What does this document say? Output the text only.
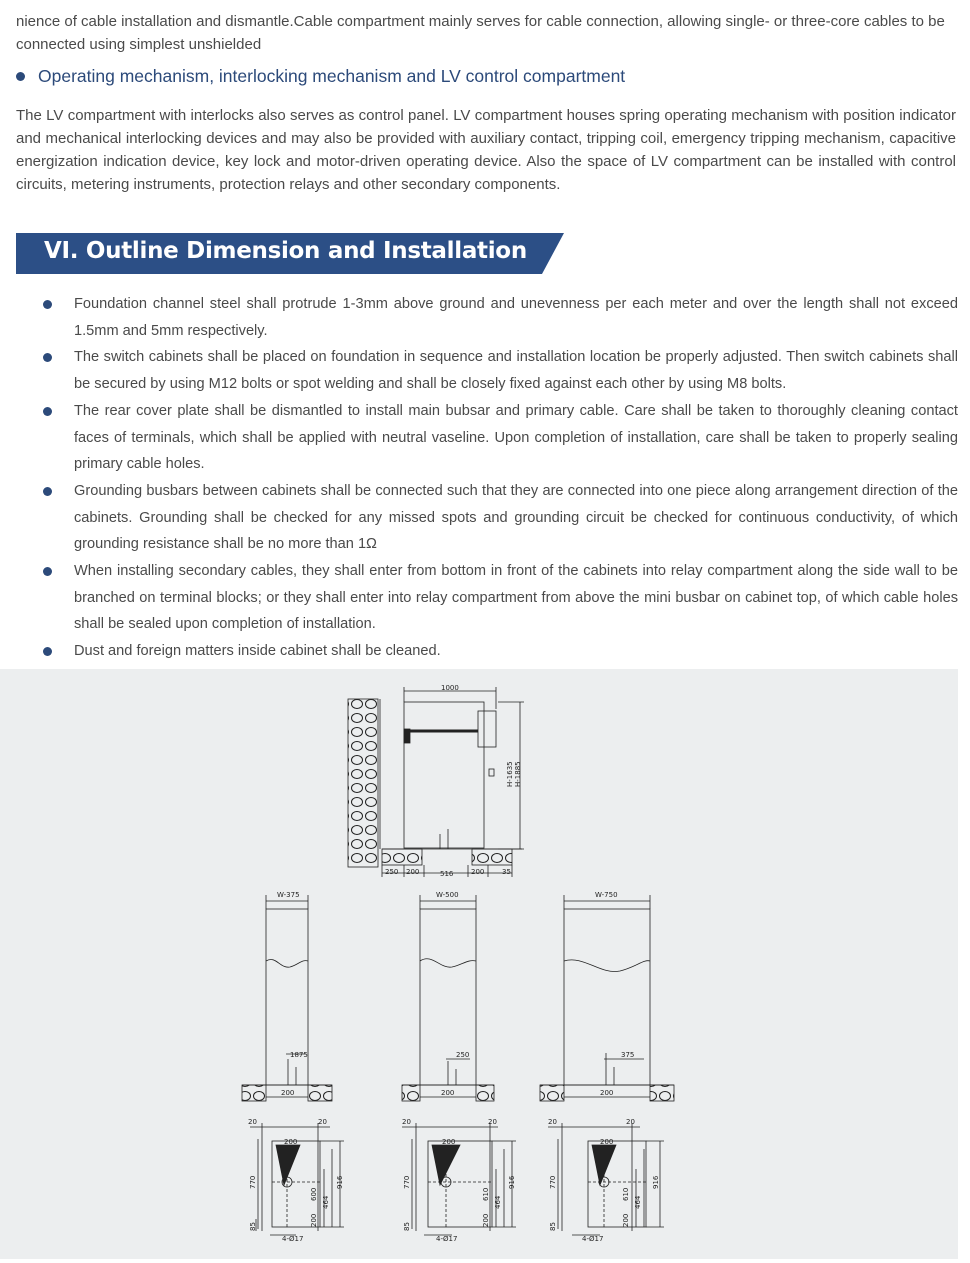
nience of cable installation and dismantle.Cable compartment mainly serves for cable connection, allowing single- or three-core cables to be connected using simplest unshielded
Operating mechanism, interlocking mechanism and LV control compartment
The LV compartment with interlocks also serves as control panel. LV compartment houses spring operating mechanism with position indicator and mechanical interlocking devices and may also be provided with auxiliary contact, tripping coil, emergency tripping mechanism, capacitive energization indication device, key lock and motor-driven operating device. Also the space of LV compartment can be installed with control circuits, metering instruments, protection relays and other secondary components.
VI. Outline Dimension and Installation
Foundation channel steel shall protrude 1-3mm above ground and unevenness per each meter and over the length shall not exceed 1.5mm and 5mm respectively.
The switch cabinets shall be placed on foundation in sequence and installation location be properly adjusted. Then switch cabinets shall be secured by using M12 bolts or spot welding and shall be closely fixed against each other by using M8 bolts.
The rear cover plate shall be dismantled to install main bubsar and primary cable. Care shall be taken to thoroughly cleaning contact faces of terminals, which shall be applied with neutral vaseline. Upon completion of installation, care shall be taken to properly sealing primary cable holes.
Grounding busbars between cabinets shall be connected such that they are connected into one piece along arrangement direction of the cabinets. Grounding shall be checked for any missed spots and grounding circuit be checked for continuous conductivity, of which grounding resistance shall be no more than 1Ω
When installing secondary cables, they shall enter from bottom in front of the cabinets into relay compartment along the side wall to be branched on terminal blocks; or they shall enter into relay compartment from above the mini busbar on cabinet top, of which cable holes shall be sealed upon completion of installation.
Dust and foreign matters inside cabinet shall be cleaned.
1000
H-1635 H-1885
250 200	516	200	35
W-375
1875
200
W-500
250
200
W-750
375
200
20	20
200
770
600
464
916
200
85
4-Ø17
20	20
200
770
610
464
916
200
85
4-Ø17
20	20
200
770
610
464
916
200
85
4-Ø17
